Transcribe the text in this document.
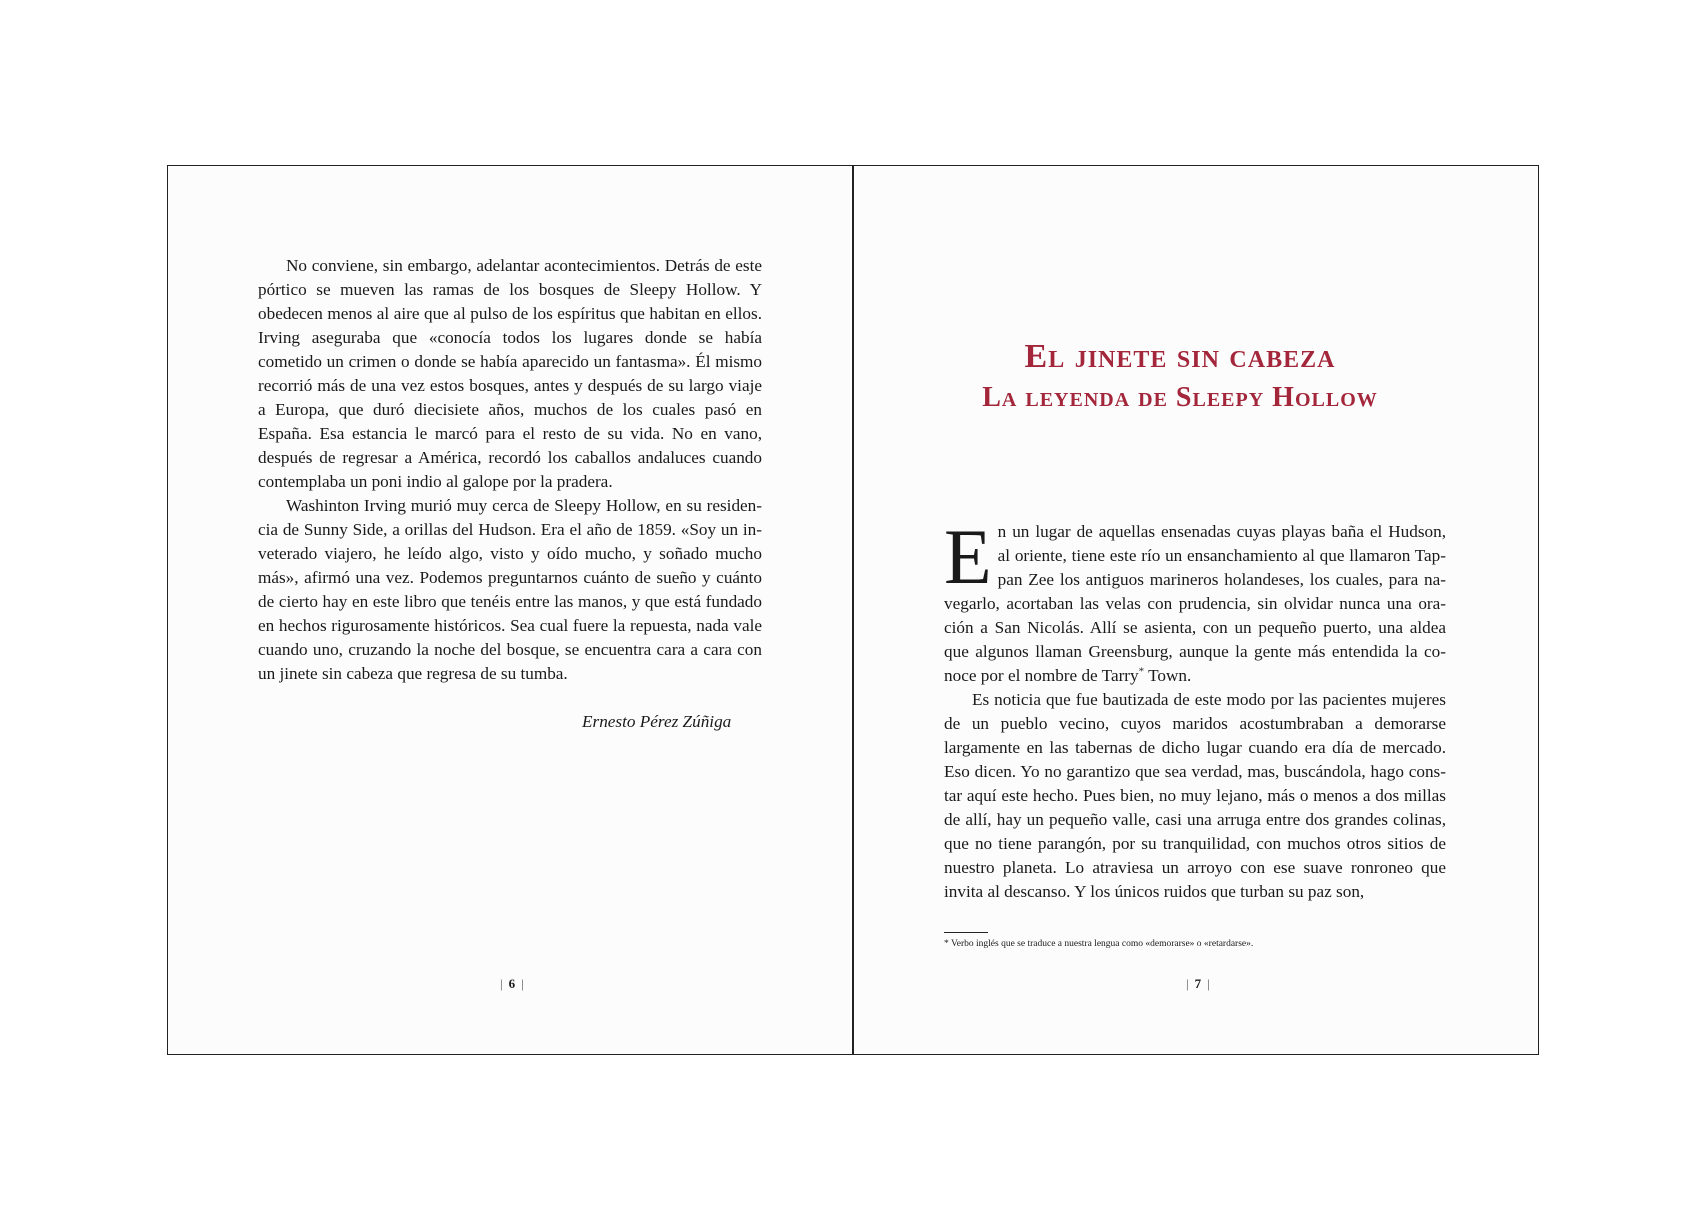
No conviene, sin embargo, adelantar acontecimientos. Detrás de este pórtico se mueven las ramas de los bosques de Sleepy Hollow. Y obedecen menos al aire que al pulso de los espíritus que habitan en ellos. Irving aseguraba que «conocía todos los lugares donde se había cometido un crimen o donde se había aparecido un fantasma». Él mismo recorrió más de una vez estos bosques, antes y después de su largo viaje a Europa, que duró diecisiete años, muchos de los cuales pasó en España. Esa estancia le marcó para el resto de su vida. No en vano, después de regresar a América, recordó los caballos andaluces cuando contemplaba un poni indio al galope por la pradera.

Washinton Irving murió muy cerca de Sleepy Hollow, en su residencia de Sunny Side, a orillas del Hudson. Era el año de 1859. «Soy un inveterado viajero, he leído algo, visto y oído mucho, y soñado mucho más», afirmó una vez. Podemos preguntarnos cuánto de sueño y cuánto de cierto hay en este libro que tenéis entre las manos, y que está fundado en hechos rigurosamente históricos. Sea cual fuere la repuesta, nada vale cuando uno, cruzando la noche del bosque, se encuentra cara a cara con un jinete sin cabeza que regresa de su tumba.

Ernesto Pérez Zúñiga
| 6 |
El jinete sin cabeza
La leyenda de Sleepy Hollow

En un lugar de aquellas ensenadas cuyas playas baña el Hudson, al oriente, tiene este río un ensanchamiento al que llamaron Tappan Zee los antiguos marineros holandeses, los cuales, para navegarlo, acortaban las velas con prudencia, sin olvidar nunca una oración a San Nicolás. Allí se asienta, con un pequeño puerto, una aldea que algunos llaman Greensburg, aunque la gente más entendida la conoce por el nombre de Tarry* Town.

Es noticia que fue bautizada de este modo por las pacientes mujeres de un pueblo vecino, cuyos maridos acostumbraban a demorarse largamente en las tabernas de dicho lugar cuando era día de mercado. Eso dicen. Yo no garantizo que sea verdad, mas, buscándola, hago constar aquí este hecho. Pues bien, no muy lejano, más o menos a dos millas de allí, hay un pequeño valle, casi una arruga entre dos grandes colinas, que no tiene parangón, por su tranquilidad, con muchos otros sitios de nuestro planeta. Lo atraviesa un arroyo con ese suave ronroneo que invita al descanso. Y los únicos ruidos que turban su paz son,

* Verbo inglés que se traduce a nuestra lengua como «demorarse» o «retardarse».
| 7 |
